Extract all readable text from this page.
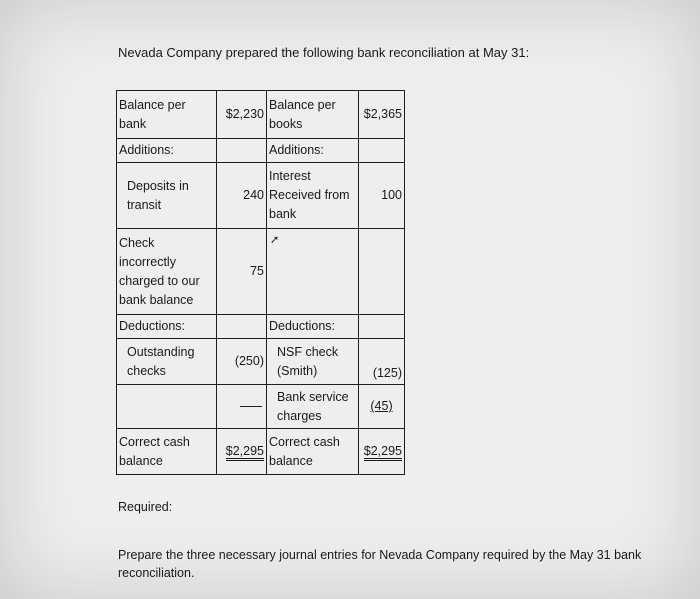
Nevada Company prepared the following bank reconciliation at May 31:
Balance per bank	$2,230	Balance per books	$2,365
Additions:		Additions:	
Deposits in transit	240	Interest Received from bank	100
Check incorrectly charged to our bank balance	75	➚	
Deductions:		Deductions:	
Outstanding checks	(250)	NSF check (Smith)	(125)
		Bank service charges	(45)
Correct cash balance	$2,295	Correct cash balance	$2,295
Required:
Prepare the three necessary journal entries for Nevada Company required by the May 31 bank reconciliation.
